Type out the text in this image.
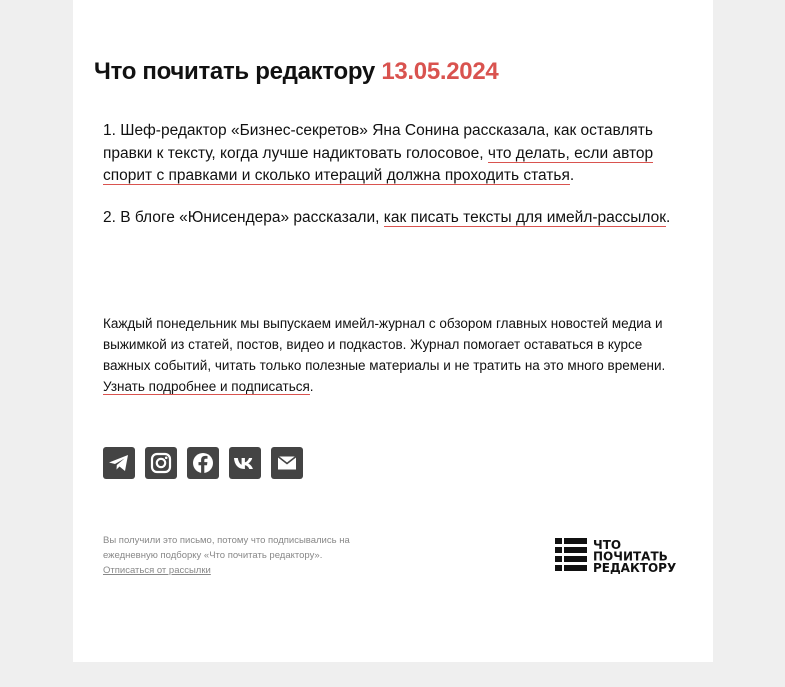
Что почитать редактору 13.05.2024

1. Шеф-редактор «Бизнес-секретов» Яна Сонина рассказала, как оставлять правки к тексту, когда лучше надиктовать голосовое, что делать, если автор спорит с правками и сколько итераций должна проходить статья.

2. В блоге «Юнисендера» рассказали, как писать тексты для имейл-рассылок.

Каждый понедельник мы выпускаем имейл-журнал с обзором главных новостей медиа и выжимкой из статей, постов, видео и подкастов. Журнал помогает оставаться в курсе важных событий, читать только полезные материалы и не тратить на это много времени. Узнать подробнее и подписаться.

Вы получили это письмо, потому что подписывались на ежедневную подборку «Что почитать редактору».
Отписаться от рассылки
ЧТО
ПОЧИТАТЬ
РЕДАКТОРУ
